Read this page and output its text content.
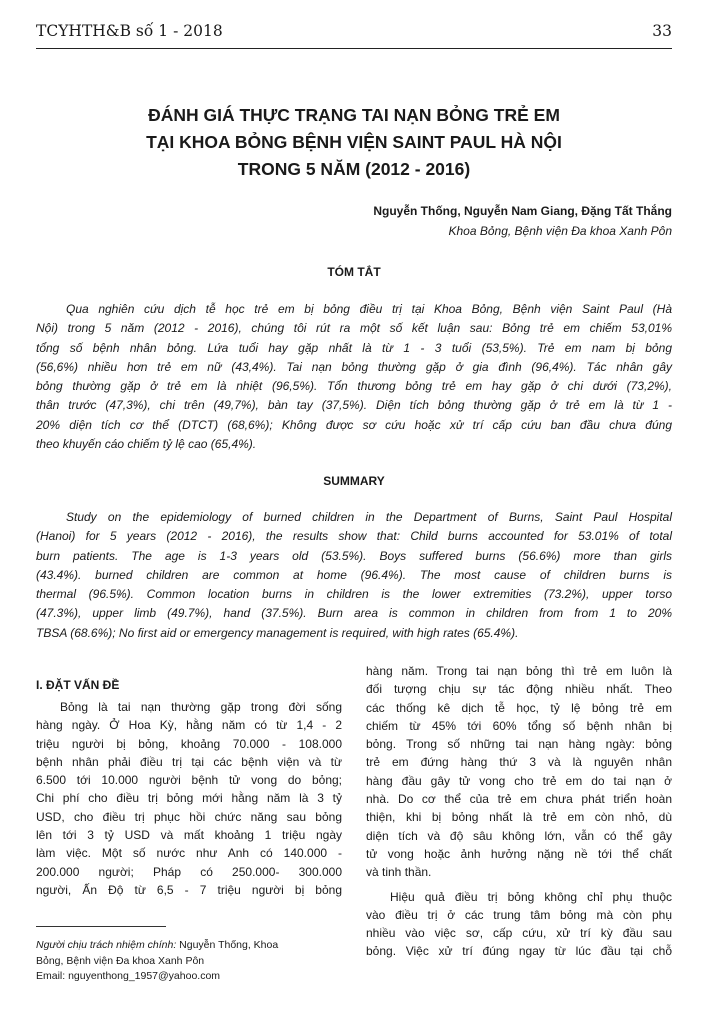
TCYHTH&B số 1 - 2018	33
ĐÁNH GIÁ THỰC TRẠNG TAI NẠN BỎNG TRẺ EM
TẠI KHOA BỎNG BỆNH VIỆN SAINT PAUL HÀ NỘI
TRONG 5 NĂM (2012 - 2016)
Nguyễn Thống, Nguyễn Nam Giang, Đặng Tất Thắng
Khoa Bỏng, Bệnh viện Đa khoa Xanh Pôn
TÓM TẮT
Qua nghiên cứu dịch tễ học trẻ em bị bỏng điều trị tại Khoa Bỏng, Bệnh viện Saint Paul (Hà
Nội) trong 5 năm (2012 - 2016), chúng tôi rút ra một số kết luận sau: Bỏng trẻ em chiếm 53,01%
tổng số bệnh nhân bỏng. Lứa tuổi hay gặp nhất là từ 1 - 3 tuổi (53,5%). Trẻ em nam bị bỏng
(56,6%) nhiều hơn trẻ em nữ (43,4%). Tai nạn bỏng thường gặp ở gia đình (96,4%). Tác nhân gây
bỏng thường gặp ở trẻ em là nhiệt (96,5%). Tổn thương bỏng trẻ em hay gặp ở chi dưới (73,2%),
thân trước (47,3%), chi trên (49,7%), bàn tay (37,5%). Diện tích bỏng thường gặp ở trẻ em là từ 1 -
20% diện tích cơ thể (DTCT) (68,6%); Không được sơ cứu hoặc xử trí cấp cứu ban đầu chưa đúng
theo khuyến cáo chiếm tỷ lệ cao (65,4%).
SUMMARY
Study on the epidemiology of burned children in the Department of Burns, Saint Paul Hospital
(Hanoi) for 5 years (2012 - 2016), the results show that: Child burns accounted for 53.01% of total
burn patients. The age is 1-3 years old (53.5%). Boys suffered burns (56.6%) more than girls
(43.4%). burned children are common at home (96.4%). The most cause of children burns is
thermal (96.5%). Common location burns in children is the lower extremities (73.2%), upper torso
(47.3%), upper limb (49.7%), hand (37.5%). Burn area is common in children from from 1 to 20%
TBSA (68.6%); No first aid or emergency management is required, with high rates (65.4%).
I. ĐẶT VẤN ĐỀ
Bỏng là tai nạn thường gặp trong đời sống
hàng ngày. Ở Hoa Kỳ, hằng năm có từ 1,4 - 2
triệu người bị bỏng, khoảng 70.000 - 108.000
bệnh nhân phải điều trị tại các bệnh viện và từ
6.500 tới 10.000 người bệnh tử vong do bỏng;
Chi phí cho điều trị bỏng mới hằng năm là 3 tỷ
USD, cho điều trị phục hồi chức năng sau bỏng
lên tới 3 tỷ USD và mất khoảng 1 triệu ngày
làm việc. Một số nước như Anh có 140.000 -
200.000 người; Pháp có 250.000- 300.000
người, Ấn Độ từ 6,5 - 7 triệu người bị bỏng
hàng năm. Trong tai nạn bỏng thì trẻ em luôn là
đối tượng chịu sự tác động nhiều nhất. Theo
các thống kê dịch tễ học, tỷ lệ bỏng trẻ em
chiếm từ 45% tới 60% tổng số bệnh nhân bị
bỏng. Trong số những tai nạn hàng ngày: bỏng
trẻ em đứng hàng thứ 3 và là nguyên nhân
hàng đầu gây tử vong cho trẻ em do tai nạn ở
nhà. Do cơ thể của trẻ em chưa phát triển hoàn
thiện, khi bị bỏng nhất là trẻ em còn nhỏ, dù
diện tích và độ sâu không lớn, vẫn có thể gây
tử vong hoặc ảnh hưởng nặng nề tới thể chất
và tinh thần.
Hiệu quả điều trị bỏng không chỉ phụ thuộc
vào điều trị ở các trung tâm bỏng mà còn phụ
nhiều vào việc sơ, cấp cứu, xử trí kỳ đầu sau
bỏng. Việc xử trí đúng ngay từ lúc đầu tại chỗ
Người chịu trách nhiệm chính: Nguyễn Thống, Khoa
Bỏng, Bệnh viện Đa khoa Xanh Pôn
Email: nguyenthong_1957@yahoo.com
